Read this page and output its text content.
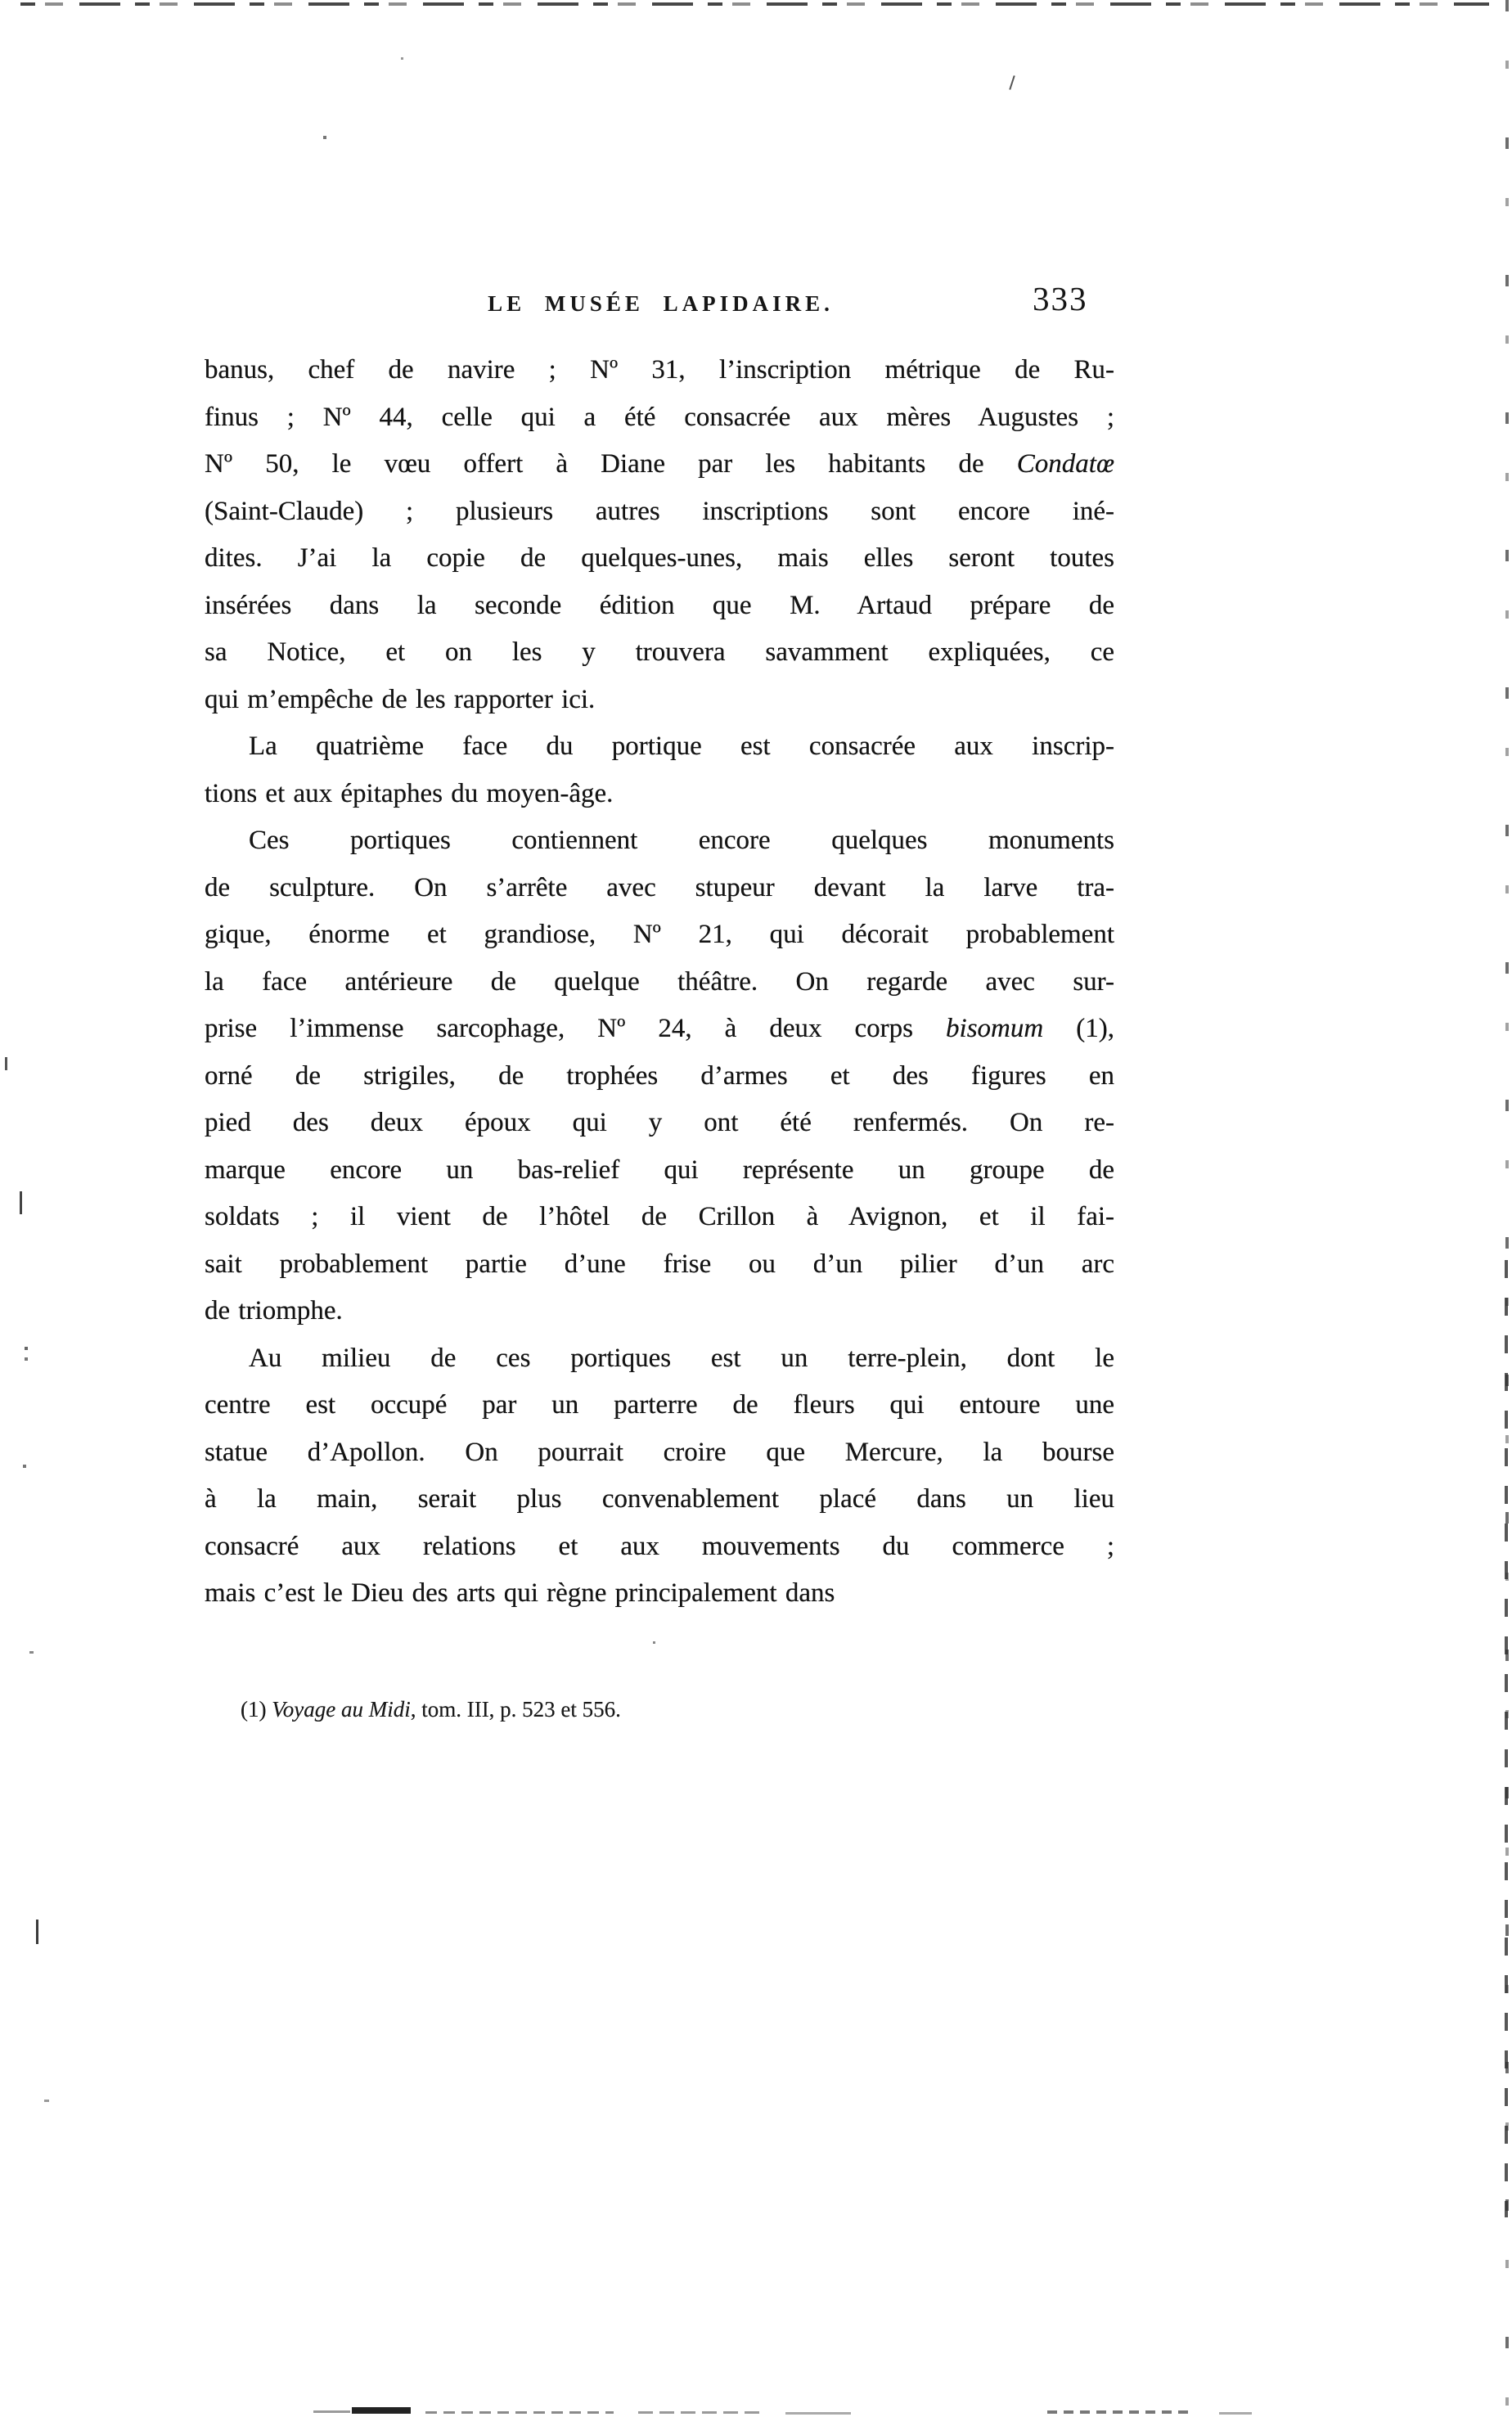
LE MUSÉE LAPIDAIRE.	333
banus, chef de navire ; Nº 31, l’inscription métrique de Ru-
finus ; Nº 44, celle qui a été consacrée aux mères Augustes ;
Nº 50, le vœu offert à Diane par les habitants de Condatœ
(Saint-Claude) ; plusieurs autres inscriptions sont encore iné-
dites. J’ai la copie de quelques-unes, mais elles seront toutes
insérées dans la seconde édition que M. Artaud prépare de
sa Notice, et on les y trouvera savamment expliquées, ce
qui m’empêche de les rapporter ici.
La quatrième face du portique est consacrée aux inscrip-
tions et aux épitaphes du moyen-âge.
Ces portiques contiennent encore quelques monuments
de sculpture. On s’arrête avec stupeur devant la larve tra-
gique, énorme et grandiose, Nº 21, qui décorait probablement
la face antérieure de quelque théâtre. On regarde avec sur-
prise l’immense sarcophage, Nº 24, à deux corps bisomum (1),
orné de strigiles, de trophées d’armes et des figures en
pied des deux époux qui y ont été renfermés. On re-
marque encore un bas-relief qui représente un groupe de
soldats ; il vient de l’hôtel de Crillon à Avignon, et il fai-
sait probablement partie d’une frise ou d’un pilier d’un arc
de triomphe.
Au milieu de ces portiques est un terre-plein, dont le
centre est occupé par un parterre de fleurs qui entoure une
statue d’Apollon. On pourrait croire que Mercure, la bourse
à la main, serait plus convenablement placé dans un lieu
consacré aux relations et aux mouvements du commerce ;
mais c’est le Dieu des arts qui règne principalement dans
(1) Voyage au Midi, tom. III, p. 523 et 556.
